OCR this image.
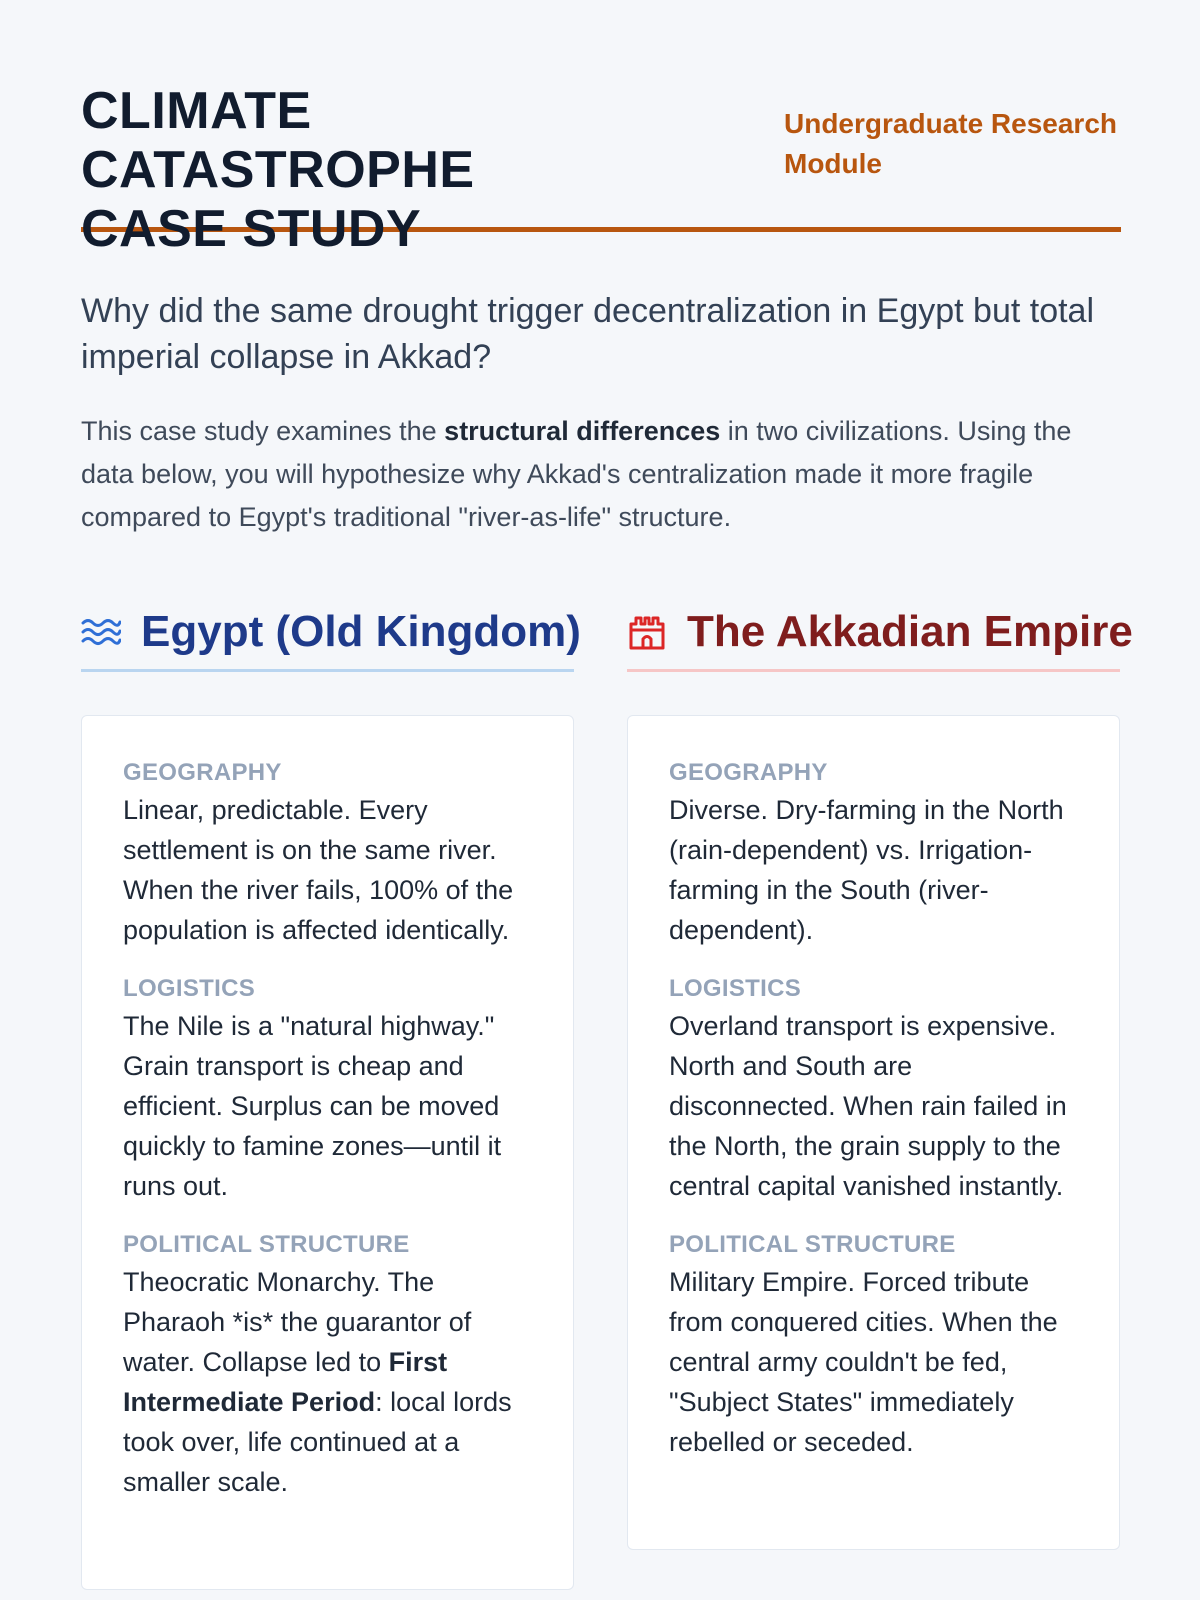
CLIMATE CATASTROPHE
CASE STUDY

Undergraduate Research
Module

Why did the same drought trigger decentralization in Egypt but total imperial collapse in Akkad?

This case study examines the structural differences in two civilizations. Using the data below, you will hypothesize why Akkad's centralization made it more fragile compared to Egypt's traditional "river-as-life" structure.

Egypt (Old Kingdom) The Akkadian Empire

GEOGRAPHY

Linear, predictable. Every settlement is on the same river. When the river fails, 100% of the population is affected identically.

LOGISTICS

The Nile is a "natural highway." Grain transport is cheap and efficient. Surplus can be moved quickly to famine zones—until it runs out.

POLITICAL STRUCTURE

Theocratic Monarchy. The Pharaoh *is* the guarantor of water. Collapse led to First Intermediate Period: local lords took over, life continued at a smaller scale.

GEOGRAPHY

Diverse. Dry-farming in the North (rain-dependent) vs. Irrigation-farming in the South (river-dependent).

LOGISTICS

Overland transport is expensive. North and South are disconnected. When rain failed in the North, the grain supply to the central capital vanished instantly.

POLITICAL STRUCTURE

Military Empire. Forced tribute from conquered cities. When the central army couldn't be fed, "Subject States" immediately rebelled or seceded.
